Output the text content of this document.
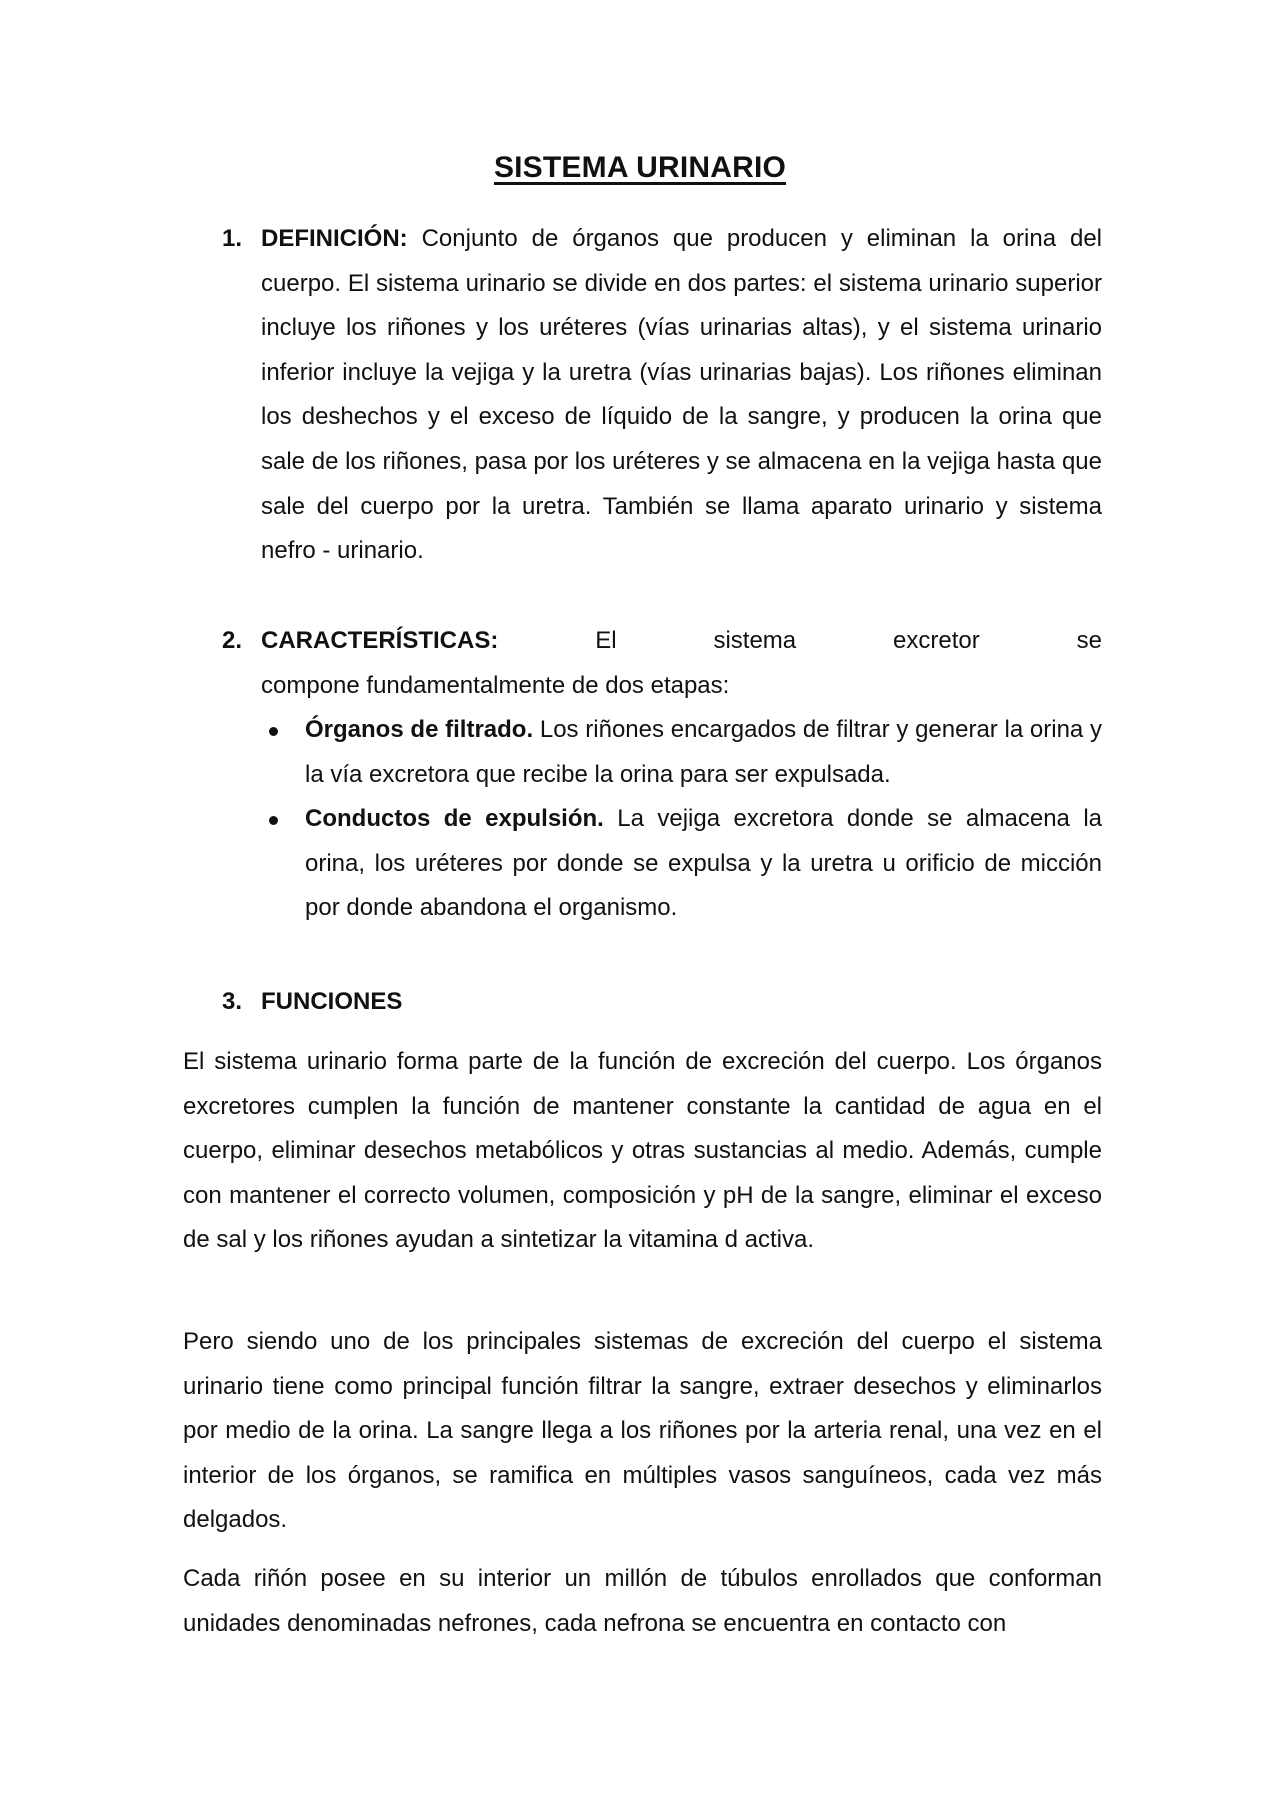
SISTEMA URINARIO
1. DEFINICIÓN: Conjunto de órganos que producen y eliminan la orina del cuerpo. El sistema urinario se divide en dos partes: el sistema urinario superior incluye los riñones y los uréteres (vías urinarias altas), y el sistema urinario inferior incluye la vejiga y la uretra (vías urinarias bajas). Los riñones eliminan los deshechos y el exceso de líquido de la sangre, y producen la orina que sale de los riñones, pasa por los uréteres y se almacena en la vejiga hasta que sale del cuerpo por la uretra. También se llama aparato urinario y sistema nefro - urinario.
2. CARACTERÍSTICAS:	El	sistema	excretor	se
compone fundamentalmente de dos etapas:
Órganos de filtrado. Los riñones encargados de filtrar y generar la orina y la vía excretora que recibe la orina para ser expulsada.
Conductos de expulsión. La vejiga excretora donde se almacena la orina, los uréteres por donde se expulsa y la uretra u orificio de micción por donde abandona el organismo.
3. FUNCIONES

El sistema urinario forma parte de la función de excreción del cuerpo. Los órganos excretores cumplen la función de mantener constante la cantidad de agua en el cuerpo, eliminar desechos metabólicos y otras sustancias al medio. Además, cumple con mantener el correcto volumen, composición y pH de la sangre, eliminar el exceso de sal y los riñones ayudan a sintetizar la vitamina d activa.

Pero siendo uno de los principales sistemas de excreción del cuerpo el sistema urinario tiene como principal función filtrar la sangre, extraer desechos y eliminarlos por medio de la orina. La sangre llega a los riñones por la arteria renal, una vez en el interior de los órganos, se ramifica en múltiples vasos sanguíneos, cada vez más delgados.

Cada riñón posee en su interior un millón de túbulos enrollados que conforman unidades denominadas nefrones, cada nefrona se encuentra en contacto con
